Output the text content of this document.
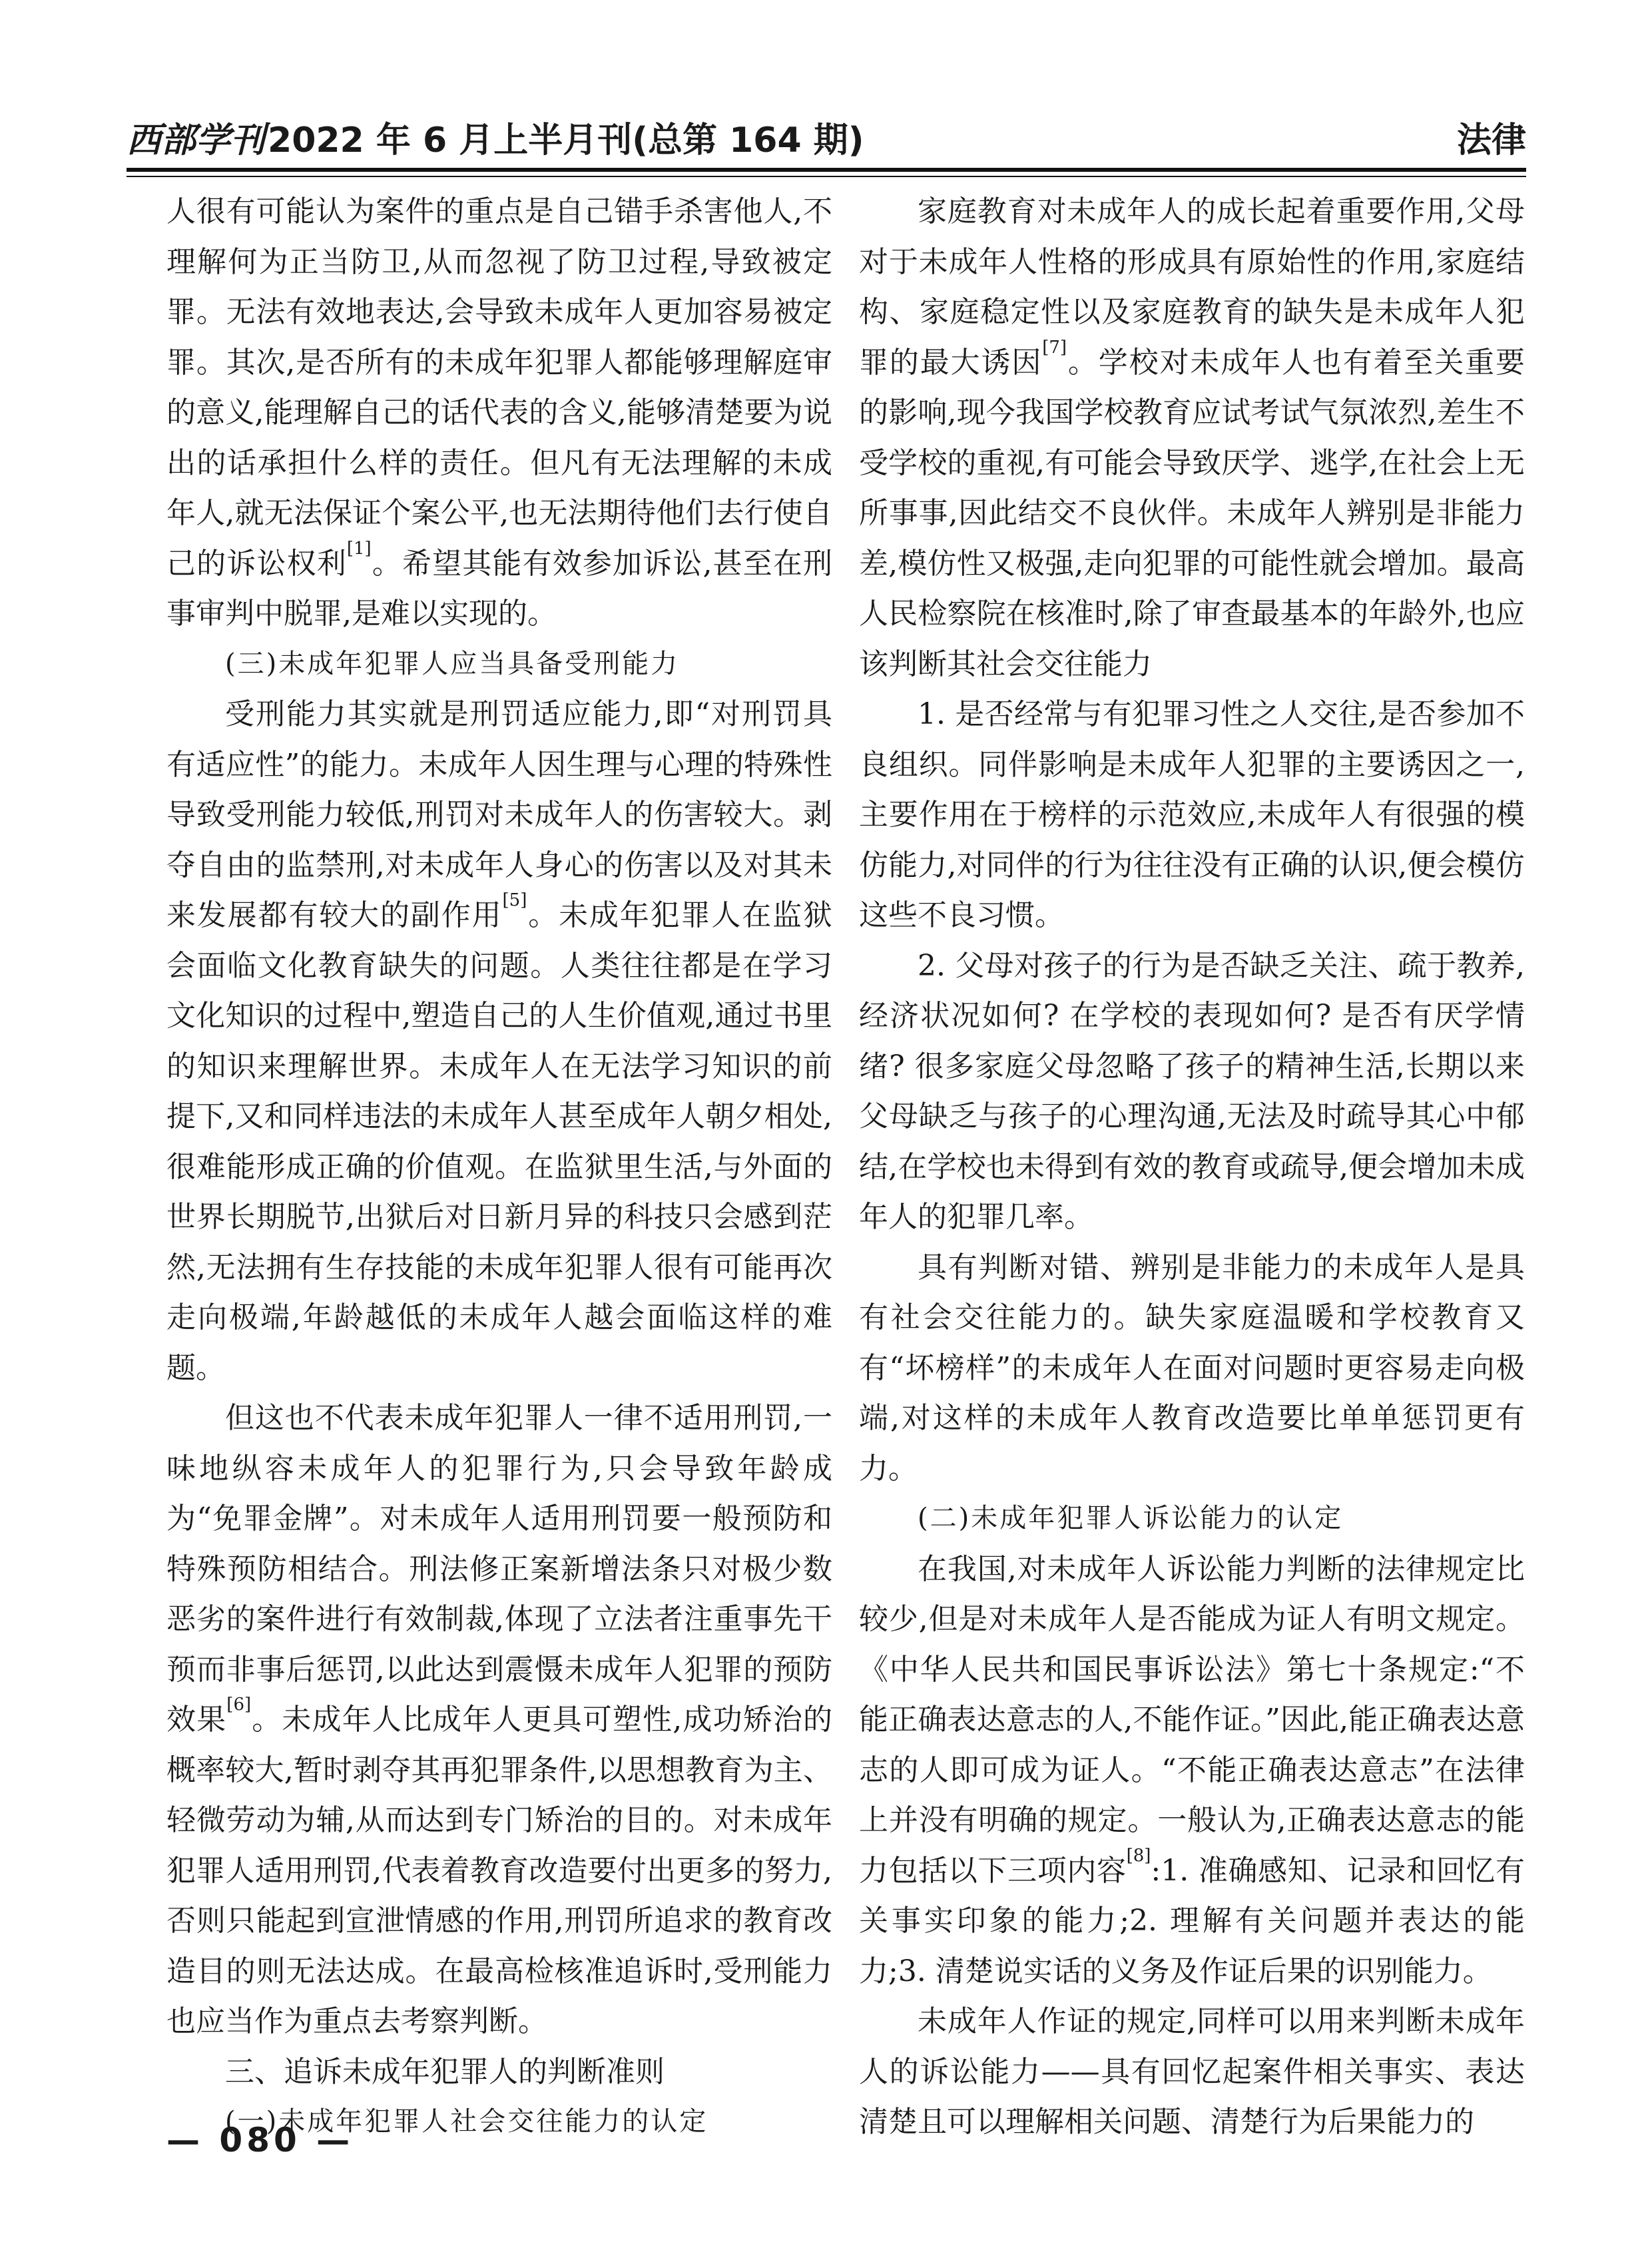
西部学刊2022 年 6 月上半月刊(总第 164 期)	法律

人很有可能认为案件的重点是自己错手杀害他人,不理解何为正当防卫,从而忽视了防卫过程,导致被定罪。无法有效地表达,会导致未成年人更加容易被定罪。其次,是否所有的未成年犯罪人都能够理解庭审的意义,能理解自己的话代表的含义,能够清楚要为说出的话承担什么样的责任。但凡有无法理解的未成年人,就无法保证个案公平,也无法期待他们去行使自己的诉讼权利[1]。希望其能有效参加诉讼,甚至在刑事审判中脱罪,是难以实现的。

(三)未成年犯罪人应当具备受刑能力

受刑能力其实就是刑罚适应能力,即“对刑罚具有适应性”的能力。未成年人因生理与心理的特殊性导致受刑能力较低,刑罚对未成年人的伤害较大。剥夺自由的监禁刑,对未成年人身心的伤害以及对其未来发展都有较大的副作用[5]。未成年犯罪人在监狱会面临文化教育缺失的问题。人类往往都是在学习文化知识的过程中,塑造自己的人生价值观,通过书里的知识来理解世界。未成年人在无法学习知识的前提下,又和同样违法的未成年人甚至成年人朝夕相处,很难能形成正确的价值观。在监狱里生活,与外面的世界长期脱节,出狱后对日新月异的科技只会感到茫然,无法拥有生存技能的未成年犯罪人很有可能再次走向极端,年龄越低的未成年人越会面临这样的难题。

但这也不代表未成年犯罪人一律不适用刑罚,一味地纵容未成年人的犯罪行为,只会导致年龄成为“免罪金牌”。对未成年人适用刑罚要一般预防和特殊预防相结合。刑法修正案新增法条只对极少数恶劣的案件进行有效制裁,体现了立法者注重事先干预而非事后惩罚,以此达到震慑未成年人犯罪的预防效果[6]。未成年人比成年人更具可塑性,成功矫治的概率较大,暂时剥夺其再犯罪条件,以思想教育为主、轻微劳动为辅,从而达到专门矫治的目的。对未成年犯罪人适用刑罚,代表着教育改造要付出更多的努力,否则只能起到宣泄情感的作用,刑罚所追求的教育改造目的则无法达成。在最高检核准追诉时,受刑能力也应当作为重点去考察判断。

三、追诉未成年犯罪人的判断准则

(一)未成年犯罪人社会交往能力的认定

家庭教育对未成年人的成长起着重要作用,父母对于未成年人性格的形成具有原始性的作用,家庭结构、家庭稳定性以及家庭教育的缺失是未成年人犯罪的最大诱因[7]。学校对未成年人也有着至关重要的影响,现今我国学校教育应试考试气氛浓烈,差生不受学校的重视,有可能会导致厌学、逃学,在社会上无所事事,因此结交不良伙伴。未成年人辨别是非能力差,模仿性又极强,走向犯罪的可能性就会增加。最高人民检察院在核准时,除了审查最基本的年龄外,也应该判断其社会交往能力

1. 是否经常与有犯罪习性之人交往,是否参加不良组织。同伴影响是未成年人犯罪的主要诱因之一,主要作用在于榜样的示范效应,未成年人有很强的模仿能力,对同伴的行为往往没有正确的认识,便会模仿这些不良习惯。

2. 父母对孩子的行为是否缺乏关注、疏于教养,经济状况如何? 在学校的表现如何? 是否有厌学情绪? 很多家庭父母忽略了孩子的精神生活,长期以来父母缺乏与孩子的心理沟通,无法及时疏导其心中郁结,在学校也未得到有效的教育或疏导,便会增加未成年人的犯罪几率。

具有判断对错、辨别是非能力的未成年人是具有社会交往能力的。缺失家庭温暖和学校教育又有“坏榜样”的未成年人在面对问题时更容易走向极端,对这样的未成年人教育改造要比单单惩罚更有力。

(二)未成年犯罪人诉讼能力的认定

在我国,对未成年人诉讼能力判断的法律规定比较少,但是对未成年人是否能成为证人有明文规定。《中华人民共和国民事诉讼法》第七十条规定:“不能正确表达意志的人,不能作证。”因此,能正确表达意志的人即可成为证人。“不能正确表达意志”在法律上并没有明确的规定。一般认为,正确表达意志的能力包括以下三项内容[8]:1. 准确感知、记录和回忆有关事实印象的能力;2. 理解有关问题并表达的能力;3. 清楚说实话的义务及作证后果的识别能力。

未成年人作证的规定,同样可以用来判断未成年人的诉讼能力——具有回忆起案件相关事实、表达清楚且可以理解相关问题、清楚行为后果能力的

— 080 —
